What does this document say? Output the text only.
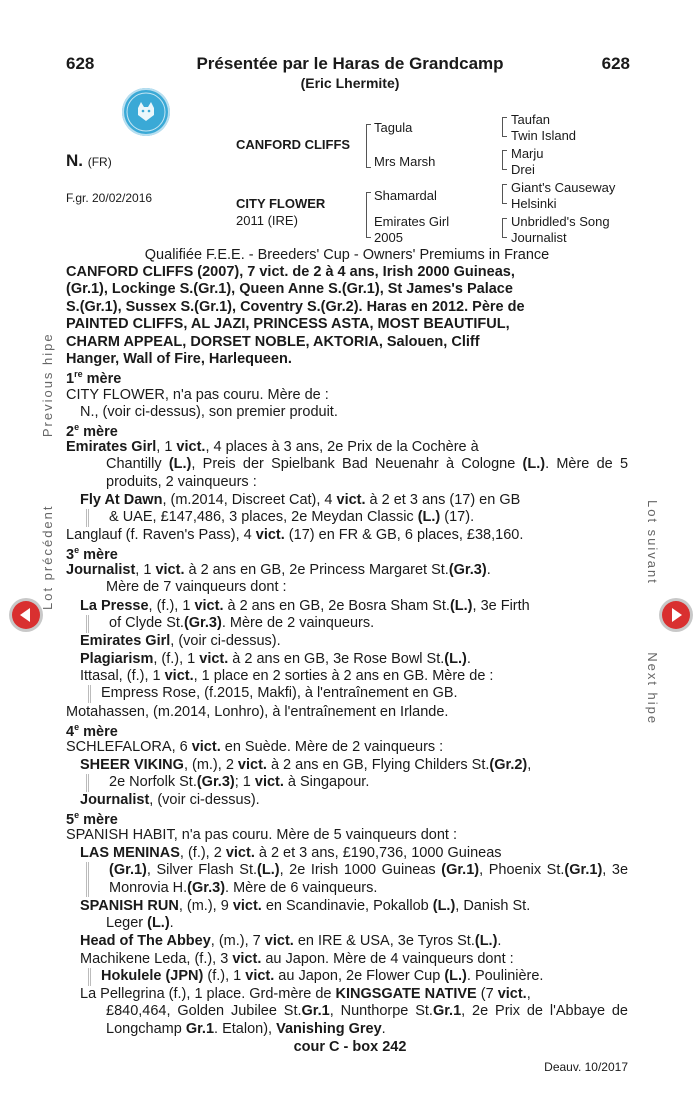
628	Présentée par le Haras de Grandcamp	628
(Eric Lhermite)
N. (FR)
F.gr. 20/02/2016
CANFORD CLIFFS
CITY FLOWER
2011 (IRE)
Tagula
Mrs Marsh
Shamardal
Emirates Girl
2005
Taufan
Twin Island
Marju
Drei
Giant's Causeway
Helsinki
Unbridled's Song
Journalist
Qualifiée F.E.E. - Breeders' Cup - Owners' Premiums in France
CANFORD CLIFFS (2007), 7 vict. de 2 à 4 ans, Irish 2000 Guineas,
(Gr.1), Lockinge S.(Gr.1), Queen Anne S.(Gr.1), St James's Palace
S.(Gr.1), Sussex S.(Gr.1), Coventry S.(Gr.2). Haras en 2012. Père de
PAINTED CLIFFS, AL JAZI, PRINCESS ASTA, MOST BEAUTIFUL,
CHARM APPEAL, DORSET NOBLE, AKTORIA, Salouen, Cliff
Hanger, Wall of Fire, Harlequeen.
1re mère
CITY FLOWER, n'a pas couru. Mère de :
N., (voir ci-dessus), son premier produit.
2e mère
Emirates Girl, 1 vict., 4 places à 3 ans, 2e Prix de la Cochère à
Chantilly (L.), Preis der Spielbank Bad Neuenahr à Cologne (L.). Mère de 5 produits, 2 vainqueurs :
Fly At Dawn, (m.2014, Discreet Cat), 4 vict. à 2 et 3 ans (17) en GB
& UAE, £147,486, 3 places, 2e Meydan Classic (L.) (17).
Langlauf (f. Raven's Pass), 4 vict. (17) en FR & GB, 6 places, £38,160.
3e mère
Journalist, 1 vict. à 2 ans en GB, 2e Princess Margaret St.(Gr.3).
Mère de 7 vainqueurs dont :
La Presse, (f.), 1 vict. à 2 ans en GB, 2e Bosra Sham St.(L.), 3e Firth
of Clyde St.(Gr.3). Mère de 2 vainqueurs.
Emirates Girl, (voir ci-dessus).
Plagiarism, (f.), 1 vict. à 2 ans en GB, 3e Rose Bowl St.(L.).
Ittasal, (f.), 1 vict., 1 place en 2 sorties à 2 ans en GB. Mère de :
Empress Rose, (f.2015, Makfi), à l'entraînement en GB.
Motahassen, (m.2014, Lonhro), à l'entraînement en Irlande.
4e mère
SCHLEFALORA, 6 vict. en Suède. Mère de 2 vainqueurs :
SHEER VIKING, (m.), 2 vict. à 2 ans en GB, Flying Childers St.(Gr.2),
2e Norfolk St.(Gr.3); 1 vict. à Singapour.
Journalist, (voir ci-dessus).
5e mère
SPANISH HABIT, n'a pas couru. Mère de 5 vainqueurs dont :
LAS MENINAS, (f.), 2 vict. à 2 et 3 ans, £190,736, 1000 Guineas
(Gr.1), Silver Flash St.(L.), 2e Irish 1000 Guineas (Gr.1), Phoenix St.(Gr.1), 3e Monrovia H.(Gr.3). Mère de 6 vainqueurs.
SPANISH RUN, (m.), 9 vict. en Scandinavie, Pokallob (L.), Danish St.
Leger (L.).
Head of The Abbey, (m.), 7 vict. en IRE & USA, 3e Tyros St.(L.).
Machikene Leda, (f.), 3 vict. au Japon. Mère de 4 vainqueurs dont :
Hokulele (JPN) (f.), 1 vict. au Japon, 2e Flower Cup (L.). Poulinière.
La Pellegrina (f.), 1 place. Grd-mère de KINGSGATE NATIVE (7 vict.,
£840,464, Golden Jubilee St.Gr.1, Nunthorpe St.Gr.1, 2e Prix de l'Abbaye de Longchamp Gr.1. Etalon), Vanishing Grey.
cour C - box 242
Deauv. 10/2017
Lot précédent            Previous hipe
Lot suivant            Next hipe
